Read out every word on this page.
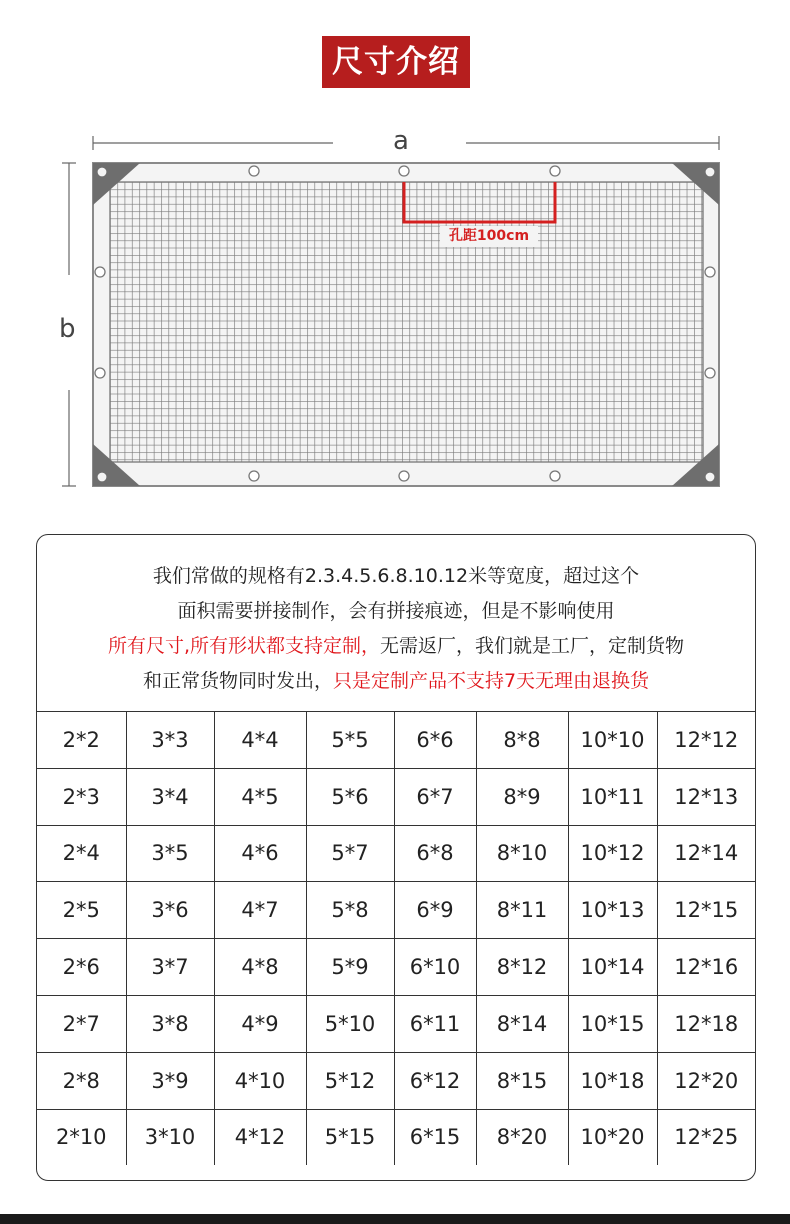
尺寸介绍
a
b
孔距100cm
我们常做的规格有2.3.4.5.6.8.10.12米等宽度，超过这个
面积需要拼接制作，会有拼接痕迹，但是不影响使用
所有尺寸,所有形状都支持定制，无需返厂，我们就是工厂，定制货物
和正常货物同时发出，只是定制产品不支持7天无理由退换货
2*2	3*3	4*4	5*5	6*6	8*8	10*10	12*12
2*3	3*4	4*5	5*6	6*7	8*9	10*11	12*13
2*4	3*5	4*6	5*7	6*8	8*10	10*12	12*14
2*5	3*6	4*7	5*8	6*9	8*11	10*13	12*15
2*6	3*7	4*8	5*9	6*10	8*12	10*14	12*16
2*7	3*8	4*9	5*10	6*11	8*14	10*15	12*18
2*8	3*9	4*10	5*12	6*12	8*15	10*18	12*20
2*10	3*10	4*12	5*15	6*15	8*20	10*20	12*25
